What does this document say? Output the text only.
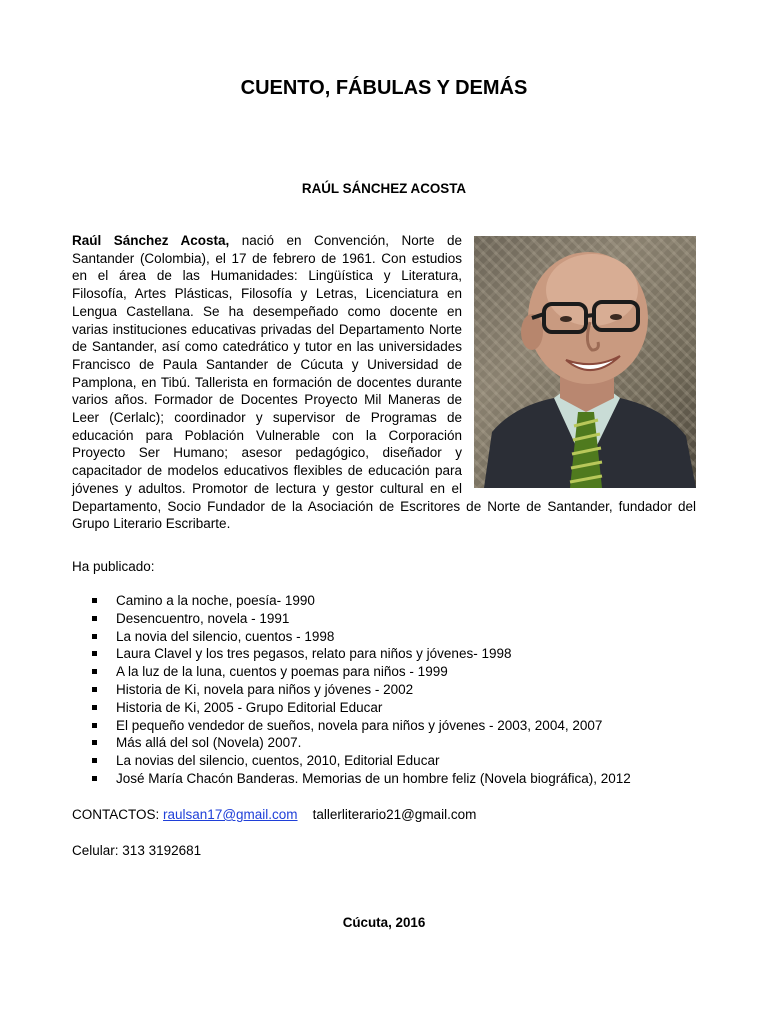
CUENTO, FÁBULAS Y DEMÁS
RAÚL SÁNCHEZ ACOSTA

Raúl Sánchez Acosta, nació en Convención, Norte de Santander (Colombia), el 17 de febrero de 1961. Con estudios en el área de las Humanidades: Lingüística y Literatura, Filosofía, Artes Plásticas, Filosofía y Letras, Licenciatura en Lengua Castellana. Se ha desempeñado como docente en varias instituciones educativas privadas del Departamento Norte de Santander, así como catedrático y tutor en las universidades Francisco de Paula Santander de Cúcuta y Universidad de Pamplona, en Tibú. Tallerista en formación de docentes durante varios años. Formador de Docentes Proyecto Mil Maneras de Leer (Cerlalc); coordinador y supervisor de Programas de educación para Población Vulnerable con la Corporación Proyecto Ser Humano; asesor pedagógico, diseñador y capacitador de modelos educativos flexibles de educación para jóvenes y adultos. Promotor de lectura y gestor cultural en el Departamento, Socio Fundador de la Asociación de Escritores de Norte de Santander, fundador del Grupo Literario Escribarte.

Ha publicado:
Camino a la noche, poesía- 1990
Desencuentro, novela - 1991
La novia del silencio, cuentos - 1998
Laura Clavel y los tres pegasos, relato para niños y jóvenes- 1998
A la luz de la luna, cuentos y poemas para niños - 1999
Historia de Ki, novela para niños y jóvenes - 2002
Historia de Ki, 2005 - Grupo Editorial Educar
El pequeño vendedor de sueños, novela para niños y jóvenes - 2003, 2004, 2007
Más allá del sol (Novela) 2007.
La novias del silencio, cuentos, 2010, Editorial Educar
José María Chacón Banderas. Memorias de un hombre feliz (Novela biográfica), 2012
CONTACTOS: raulsan17@gmail.com tallerliterario21@gmail.com
Celular: 313 3192681
Cúcuta, 2016
